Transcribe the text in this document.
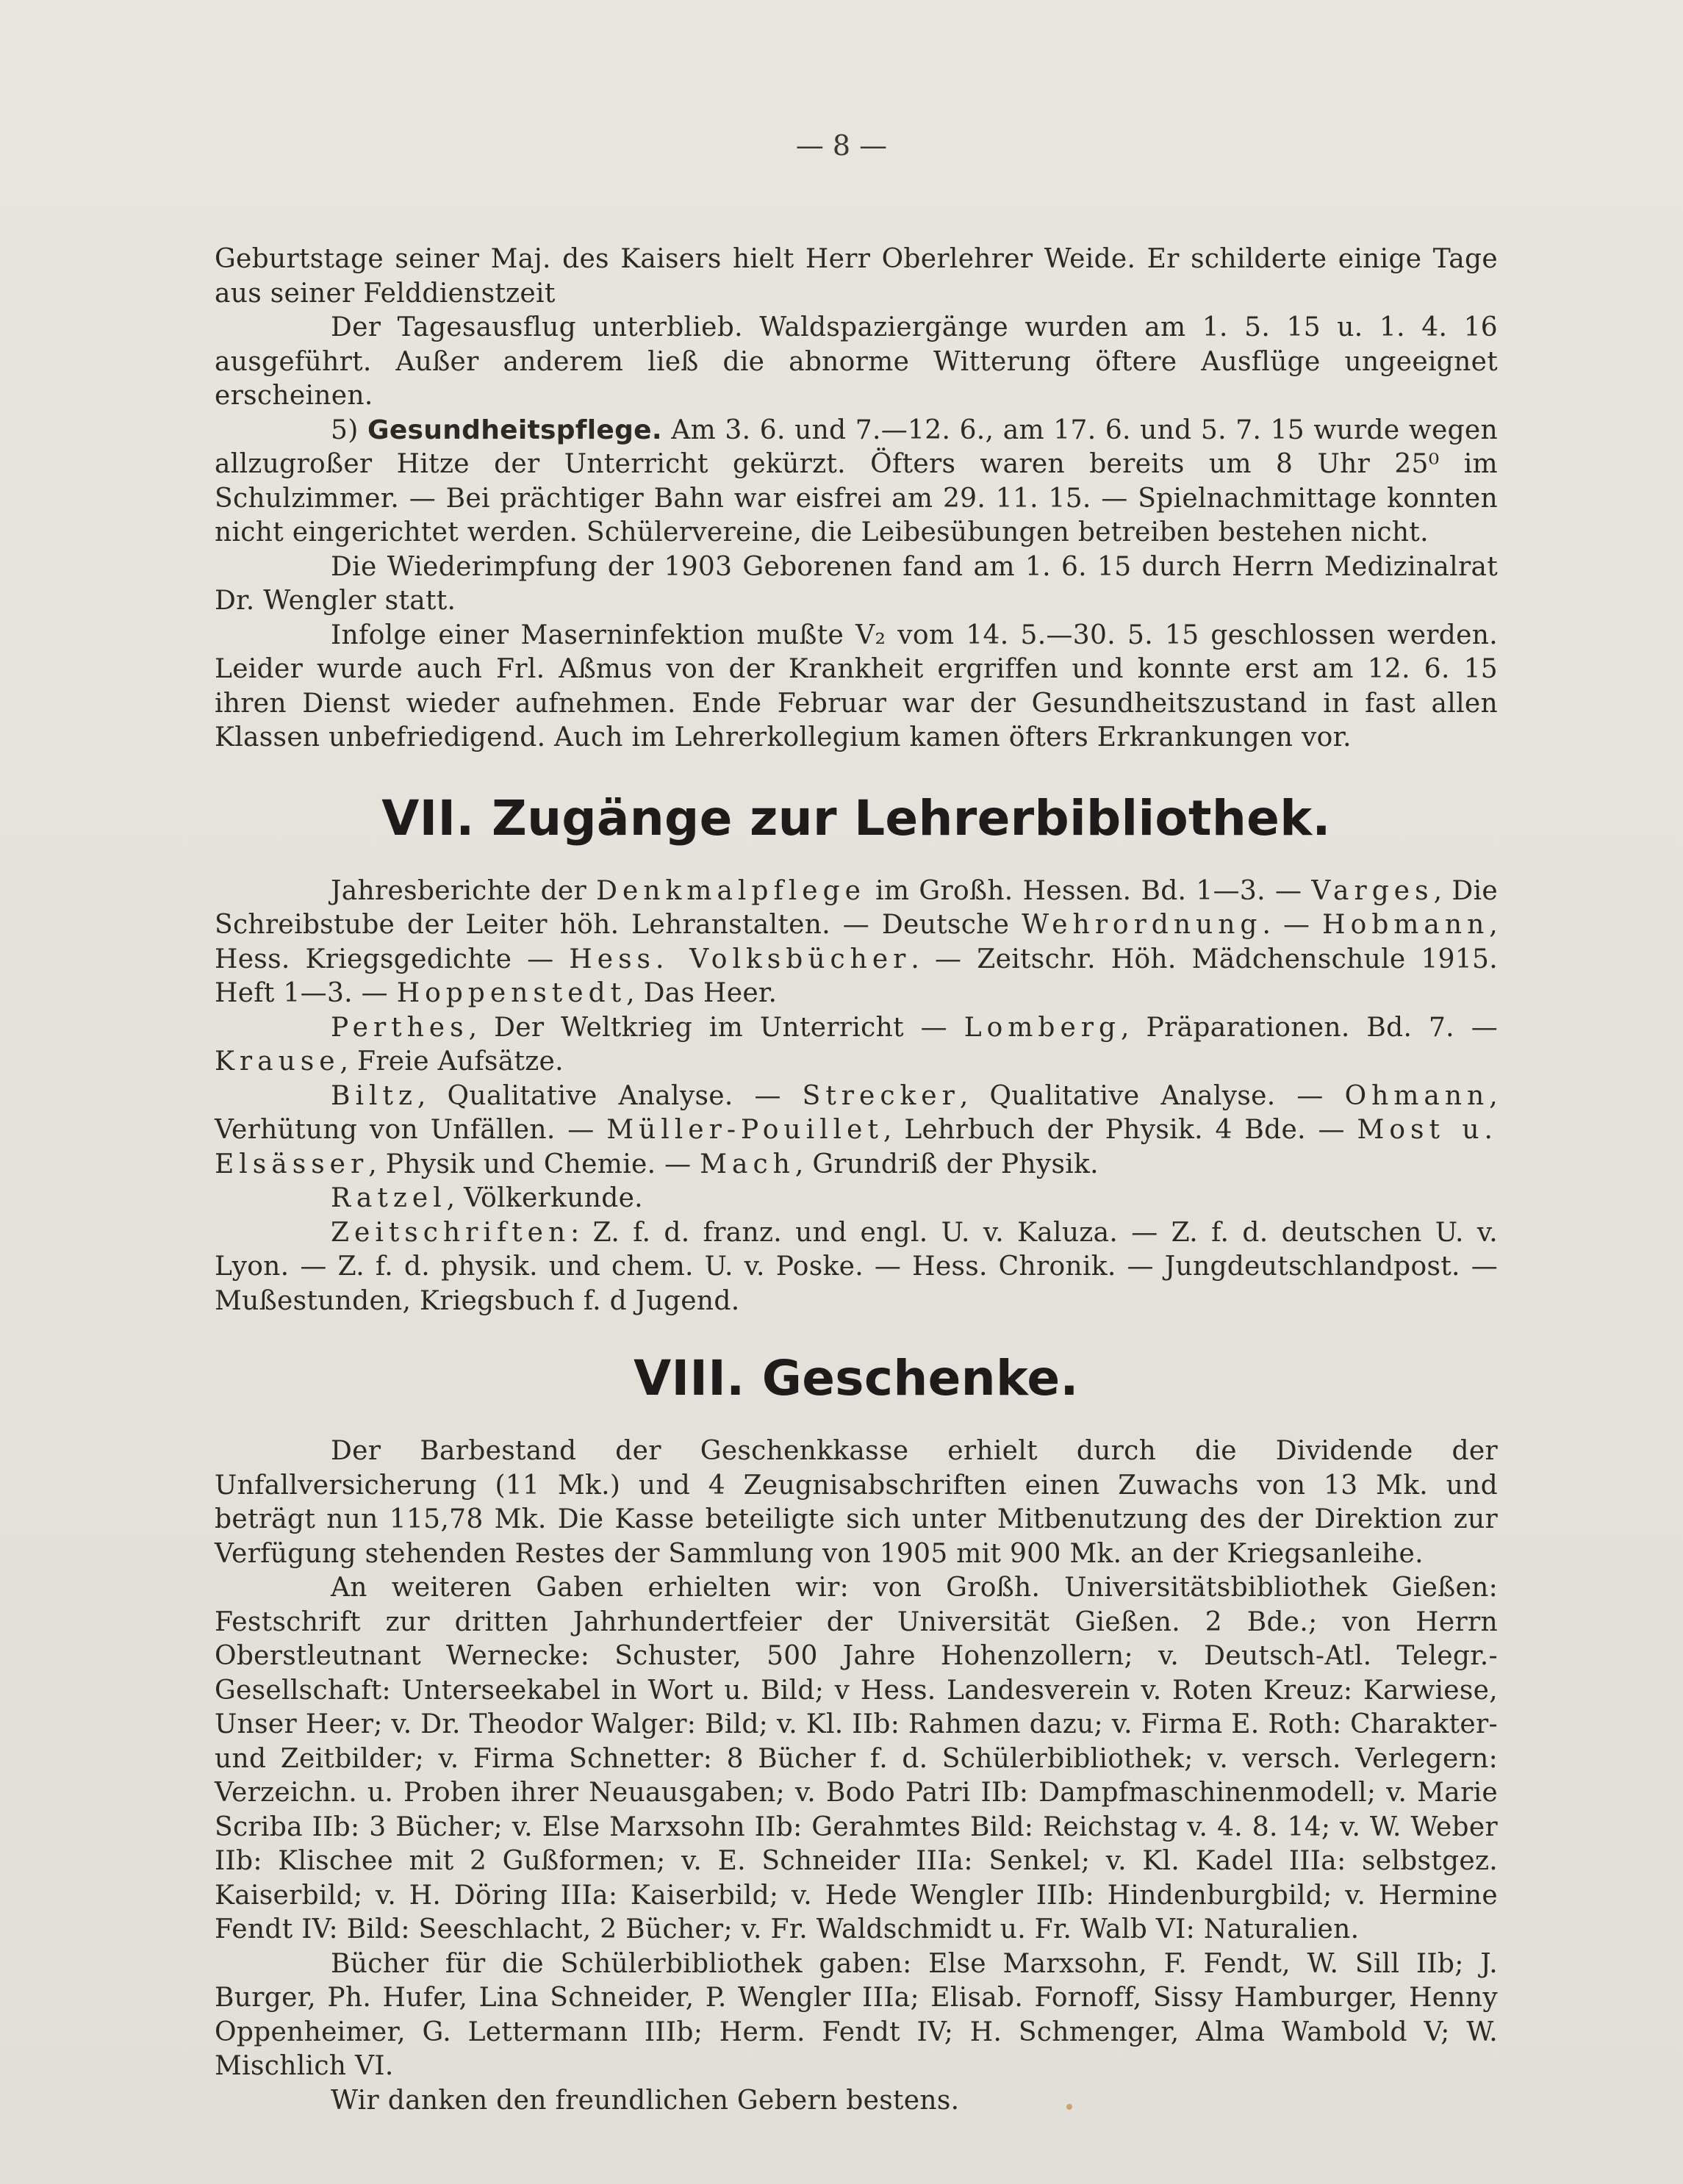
— 8 —

Geburtstage seiner Maj. des Kaisers hielt Herr Oberlehrer Weide. Er schilderte einige Tage aus seiner Felddienstzeit

Der Tagesausflug unterblieb. Waldspaziergänge wurden am 1. 5. 15 u. 1. 4. 16 ausgeführt. Außer anderem ließ die abnorme Witterung öftere Ausflüge ungeeignet erscheinen.

5) Gesundheitspflege. Am 3. 6. und 7.—12. 6., am 17. 6. und 5. 7. 15 wurde wegen allzugroßer Hitze der Unterricht gekürzt. Öfters waren bereits um 8 Uhr 25⁰ im Schulzimmer. — Bei prächtiger Bahn war eisfrei am 29. 11. 15. — Spielnachmittage konnten nicht eingerichtet werden. Schülervereine, die Leibesübungen betreiben bestehen nicht.

Die Wiederimpfung der 1903 Geborenen fand am 1. 6. 15 durch Herrn Medizinalrat Dr. Wengler statt.

Infolge einer Maserninfektion mußte V₂ vom 14. 5.—30. 5. 15 geschlossen werden. Leider wurde auch Frl. Aßmus von der Krankheit ergriffen und konnte erst am 12. 6. 15 ihren Dienst wieder aufnehmen. Ende Februar war der Gesundheitszustand in fast allen Klassen unbefriedigend. Auch im Lehrerkollegium kamen öfters Erkrankungen vor.

VII. Zugänge zur Lehrerbibliothek.

Jahresberichte der Denkmalpflege im Großh. Hessen. Bd. 1—3. — Varges, Die Schreibstube der Leiter höh. Lehranstalten. — Deutsche Wehrordnung. — Hobmann, Hess. Kriegsgedichte — Hess. Volksbücher. — Zeitschr. Höh. Mädchenschule 1915. Heft 1—3. — Hoppenstedt, Das Heer.

Perthes, Der Weltkrieg im Unterricht — Lomberg, Präparationen. Bd. 7. — Krause, Freie Aufsätze.

Biltz, Qualitative Analyse. — Strecker, Qualitative Analyse. — Ohmann, Verhütung von Unfällen. — Müller-Pouillet, Lehrbuch der Physik. 4 Bde. — Most u. Elsässer, Physik und Chemie. — Mach, Grundriß der Physik.

Ratzel, Völkerkunde.

Zeitschriften: Z. f. d. franz. und engl. U. v. Kaluza. — Z. f. d. deutschen U. v. Lyon. — Z. f. d. physik. und chem. U. v. Poske. — Hess. Chronik. — Jungdeutschlandpost. — Mußestunden, Kriegsbuch f. d Jugend.

VIII. Geschenke.

Der Barbestand der Geschenkkasse erhielt durch die Dividende der Unfallversicherung (11 Mk.) und 4 Zeugnisabschriften einen Zuwachs von 13 Mk. und beträgt nun 115,78 Mk. Die Kasse beteiligte sich unter Mitbenutzung des der Direktion zur Verfügung stehenden Restes der Sammlung von 1905 mit 900 Mk. an der Kriegsanleihe.

An weiteren Gaben erhielten wir: von Großh. Universitätsbibliothek Gießen: Festschrift zur dritten Jahrhundertfeier der Universität Gießen. 2 Bde.; von Herrn Oberstleutnant Wernecke: Schuster, 500 Jahre Hohenzollern; v. Deutsch-Atl. Telegr.-Gesellschaft: Unterseekabel in Wort u. Bild; v Hess. Landesverein v. Roten Kreuz: Karwiese, Unser Heer; v. Dr. Theodor Walger: Bild; v. Kl. IIb: Rahmen dazu; v. Firma E. Roth: Charakter- und Zeitbilder; v. Firma Schnetter: 8 Bücher f. d. Schülerbibliothek; v. versch. Verlegern: Verzeichn. u. Proben ihrer Neuausgaben; v. Bodo Patri IIb: Dampfmaschinenmodell; v. Marie Scriba IIb: 3 Bücher; v. Else Marxsohn IIb: Gerahmtes Bild: Reichstag v. 4. 8. 14; v. W. Weber IIb: Klischee mit 2 Gußformen; v. E. Schneider IIIa: Senkel; v. Kl. Kadel IIIa: selbstgez. Kaiserbild; v. H. Döring IIIa: Kaiserbild; v. Hede Wengler IIIb: Hindenburgbild; v. Hermine Fendt IV: Bild: Seeschlacht, 2 Bücher; v. Fr. Waldschmidt u. Fr. Walb VI: Naturalien.

Bücher für die Schülerbibliothek gaben: Else Marxsohn, F. Fendt, W. Sill IIb; J. Burger, Ph. Hufer, Lina Schneider, P. Wengler IIIa; Elisab. Fornoff, Sissy Hamburger, Henny Oppenheimer, G. Lettermann IIIb; Herm. Fendt IV; H. Schmenger, Alma Wambold V; W. Mischlich VI.

Wir danken den freundlichen Gebern bestens.
